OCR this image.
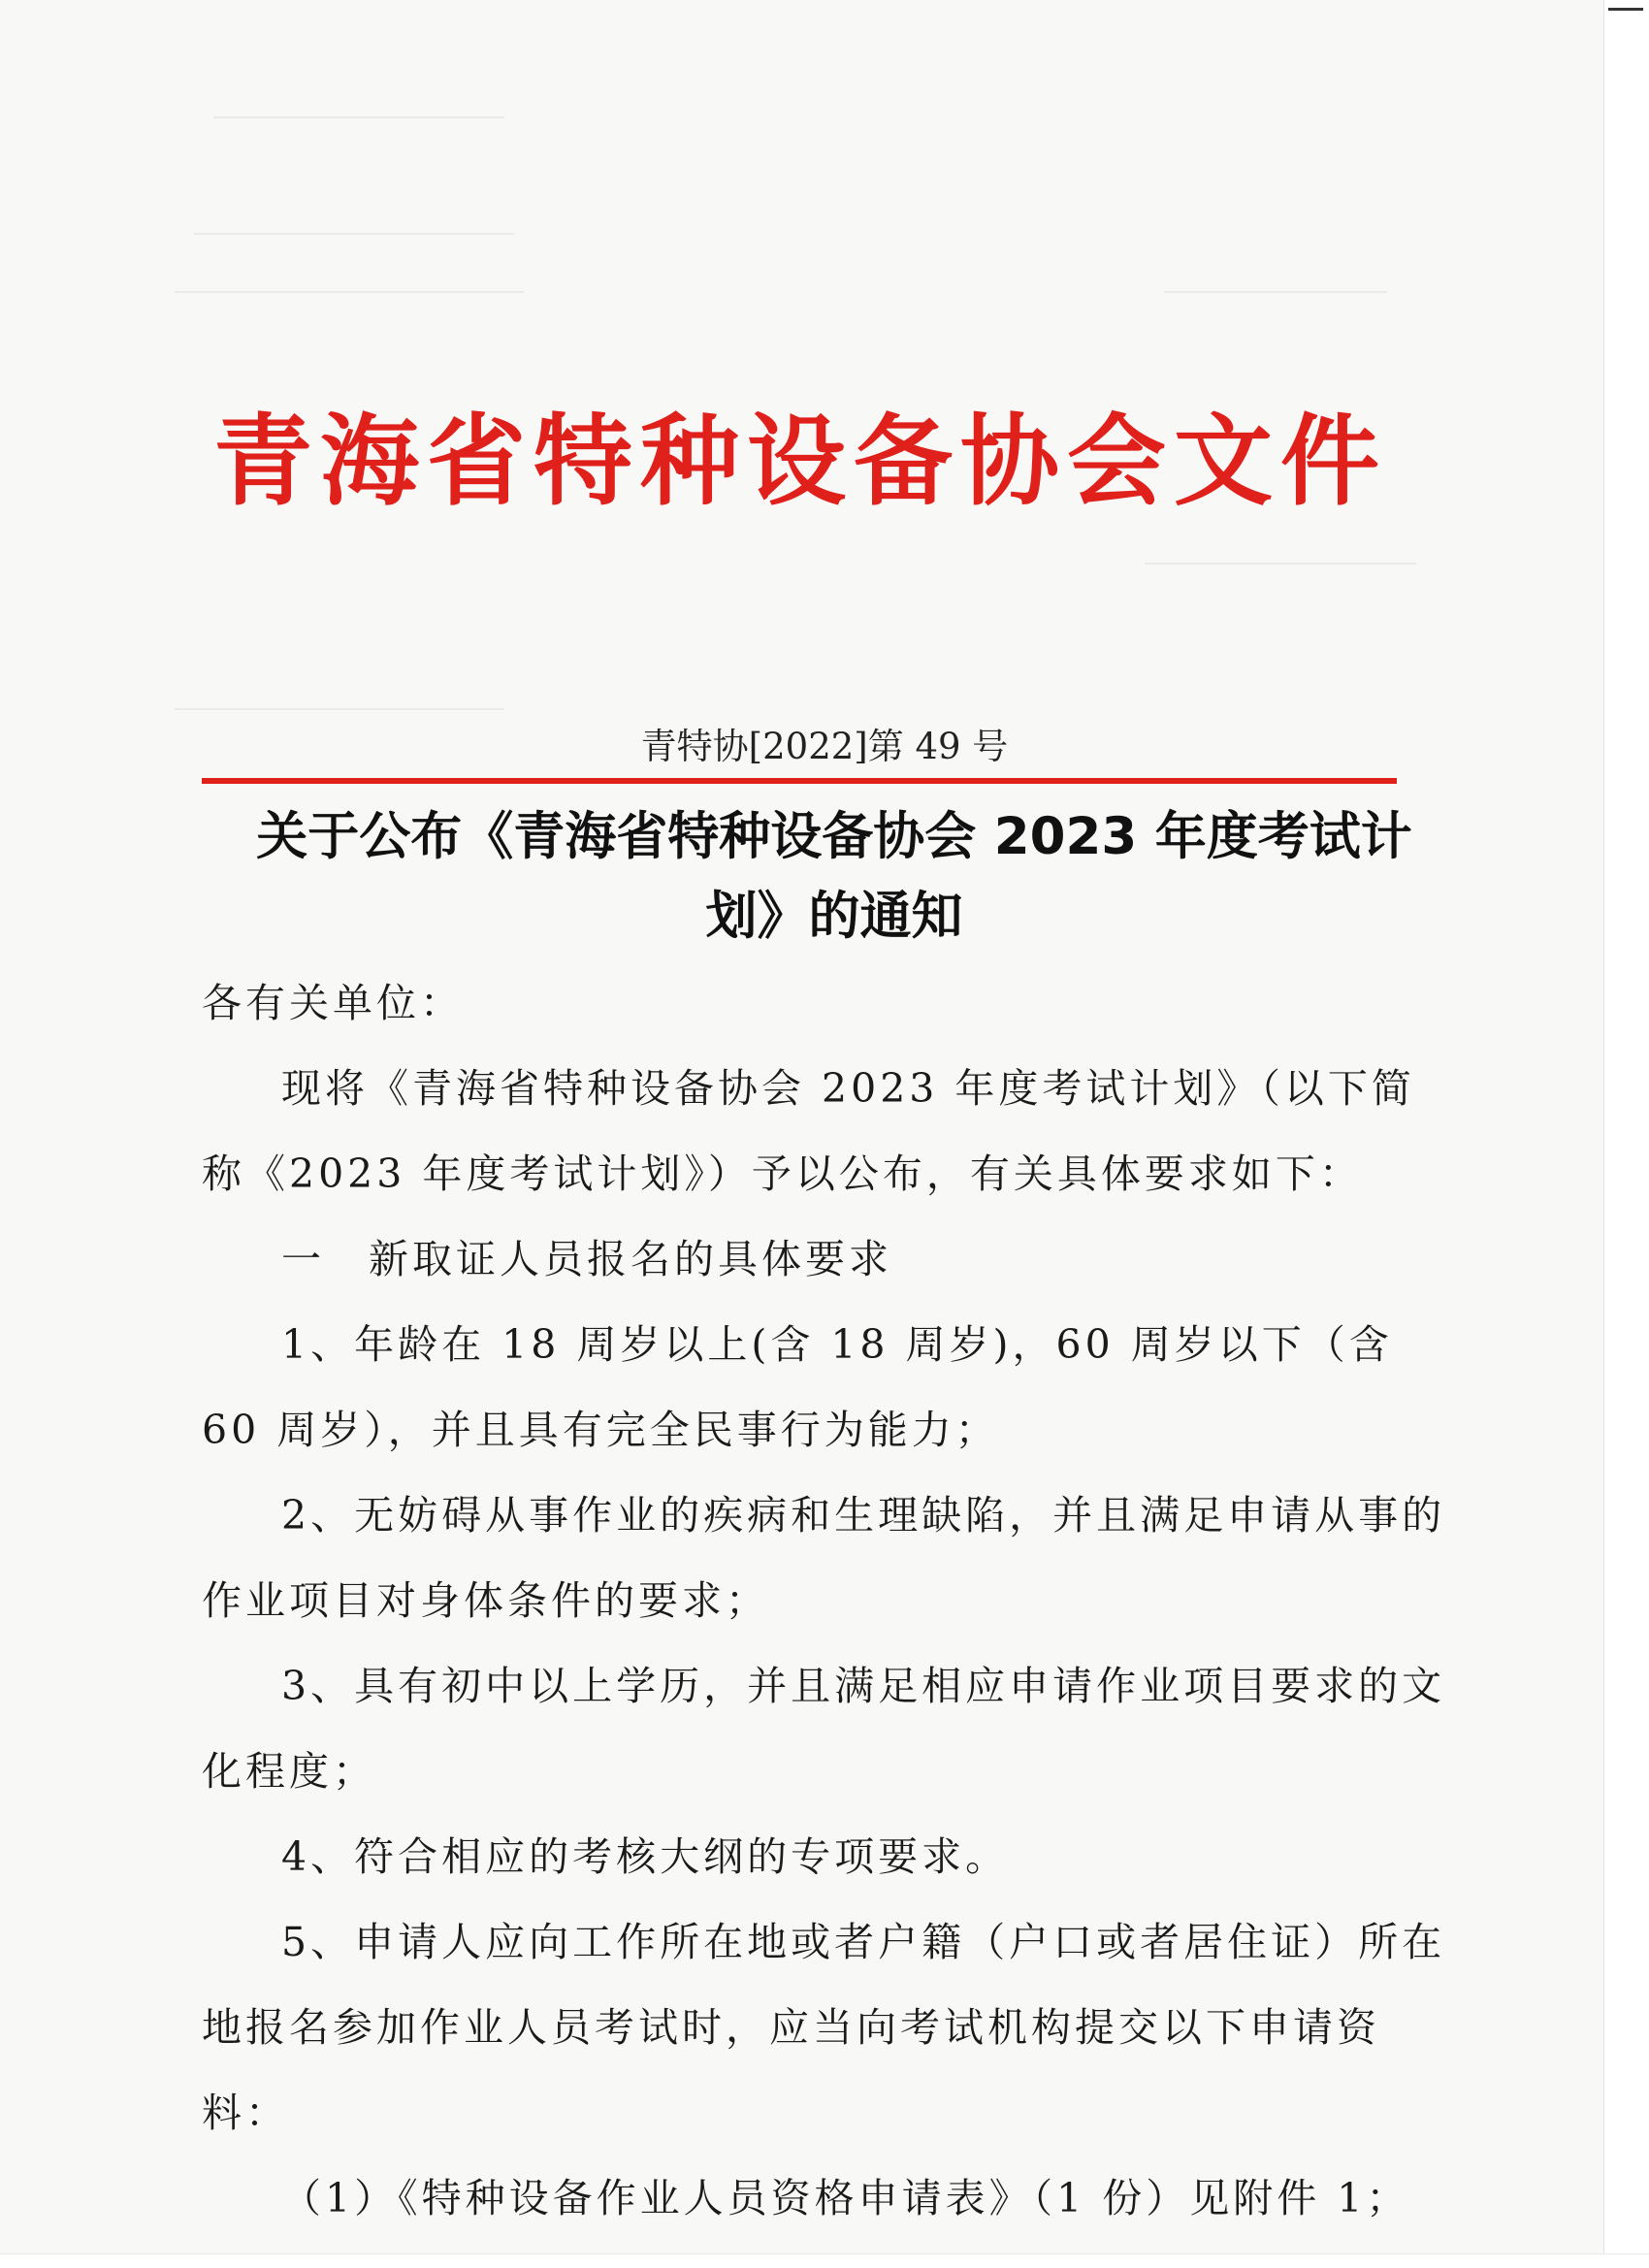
青海省特种设备协会文件
青特协[2022]第 49 号
关于公布《青海省特种设备协会 2023 年度考试计划》的通知

各有关单位：

现将《青海省特种设备协会 2023 年度考试计划》（以下简称《2023 年度考试计划》）予以公布，有关具体要求如下：

一　新取证人员报名的具体要求

1、年龄在 18 周岁以上(含 18 周岁)，60 周岁以下（含 60 周岁），并且具有完全民事行为能力；

2、无妨碍从事作业的疾病和生理缺陷，并且满足申请从事的作业项目对身体条件的要求；

3、具有初中以上学历，并且满足相应申请作业项目要求的文化程度；

4、符合相应的考核大纲的专项要求。

5、申请人应向工作所在地或者户籍（户口或者居住证）所在地报名参加作业人员考试时，应当向考试机构提交以下申请资料：

（1）《特种设备作业人员资格申请表》（1 份）见附件 1；
